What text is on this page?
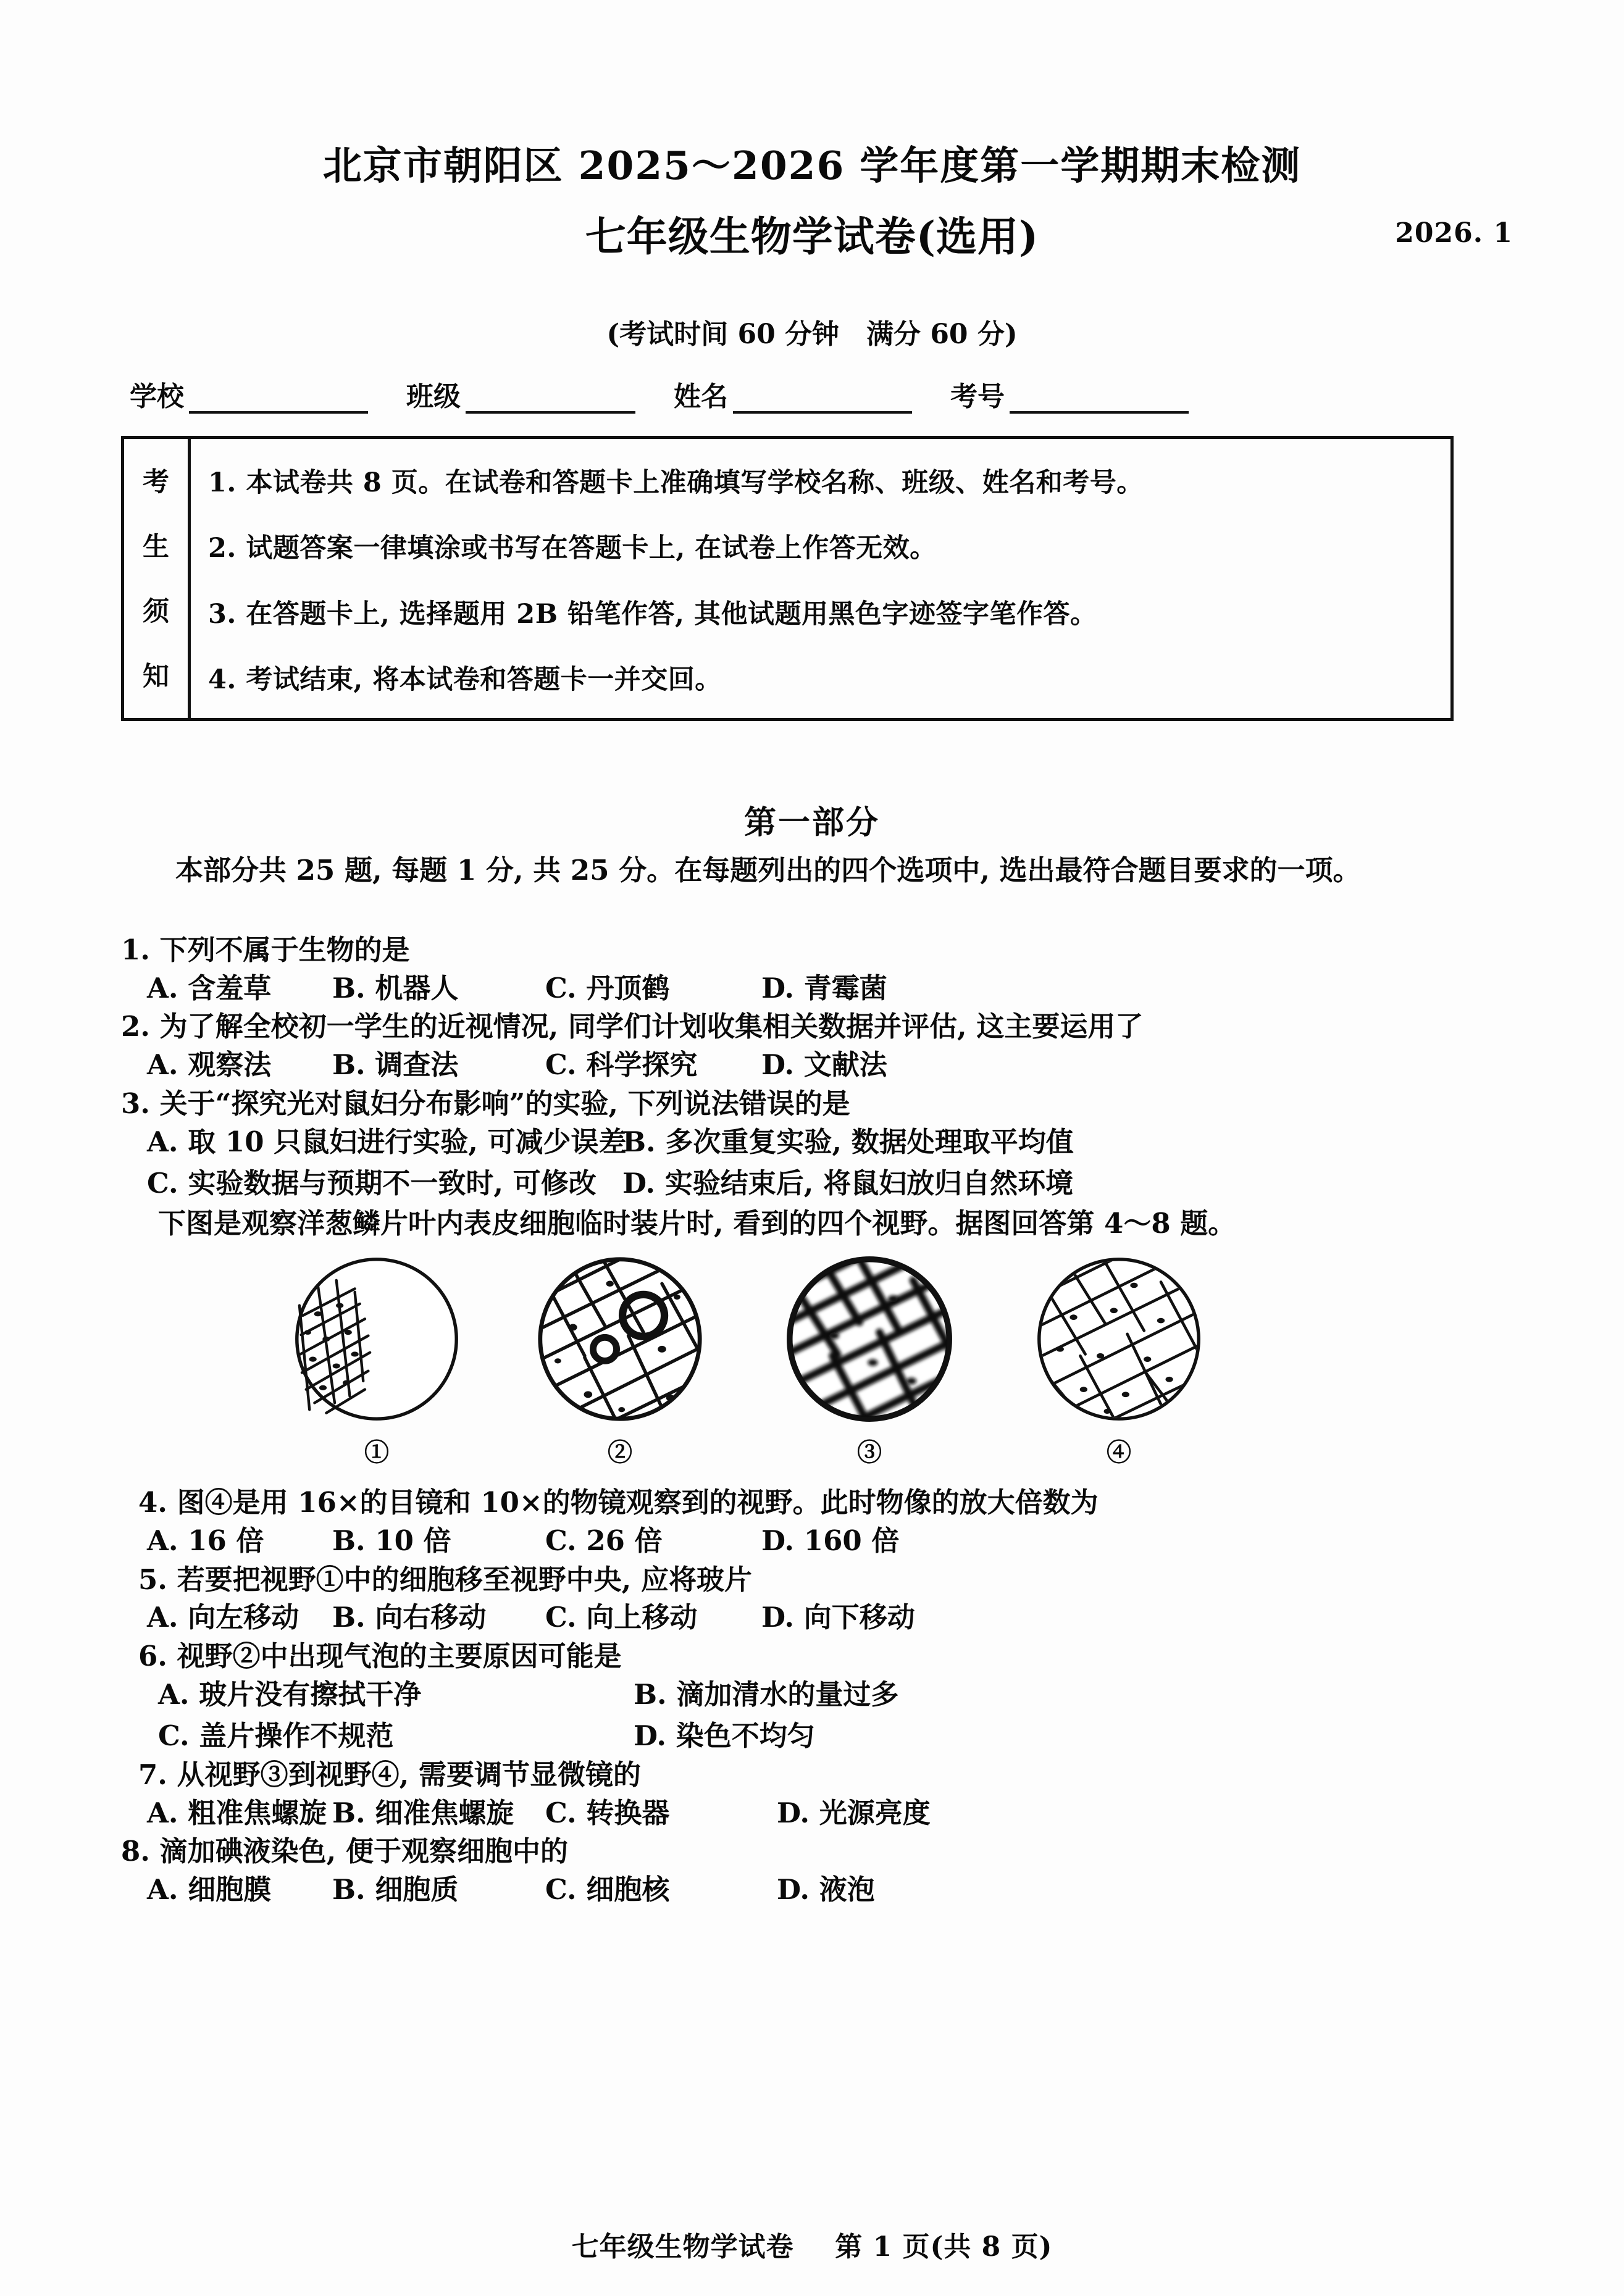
北京市朝阳区 2025～2026 学年度第一学期期末检测
七年级生物学试卷(选用)	2026. 1
(考试时间 60 分钟　满分 60 分)
学校	班级	姓名	考号
考
生
须
知
1. 本试卷共 8 页。在试卷和答题卡上准确填写学校名称、班级、姓名和考号。
2. 试题答案一律填涂或书写在答题卡上, 在试卷上作答无效。
3. 在答题卡上, 选择题用 2B 铅笔作答, 其他试题用黑色字迹签字笔作答。
4. 考试结束, 将本试卷和答题卡一并交回。
第一部分
本部分共 25 题, 每题 1 分, 共 25 分。在每题列出的四个选项中, 选出最符合题目要求的一项。
1. 下列不属于生物的是
A. 含羞草	B. 机器人	C. 丹顶鹤	D. 青霉菌
2. 为了解全校初一学生的近视情况, 同学们计划收集相关数据并评估, 这主要运用了
A. 观察法	B. 调查法	C. 科学探究	D. 文献法
3. 关于“探究光对鼠妇分布影响”的实验, 下列说法错误的是
A. 取 10 只鼠妇进行实验, 可减少误差
B. 多次重复实验, 数据处理取平均值
C. 实验数据与预期不一致时, 可修改 D. 实验结束后, 将鼠妇放归自然环境
下图是观察洋葱鳞片叶内表皮细胞临时装片时, 看到的四个视野。据图回答第 4～8 题。
①	②	③	④
4. 图④是用 16×的目镜和 10×的物镜观察到的视野。此时物像的放大倍数为
A. 16 倍	B. 10 倍	C. 26 倍	D. 160 倍
5. 若要把视野①中的细胞移至视野中央, 应将玻片
A. 向左移动	B. 向右移动	C. 向上移动	D. 向下移动
6. 视野②中出现气泡的主要原因可能是
A. 玻片没有擦拭干净	B. 滴加清水的量过多
C. 盖片操作不规范	D. 染色不均匀
7. 从视野③到视野④, 需要调节显微镜的
A. 粗准焦螺旋 B. 细准焦螺旋	C. 转换器	D. 光源亮度
8. 滴加碘液染色, 便于观察细胞中的
A. 细胞膜	B. 细胞质	C. 细胞核	D. 液泡
七年级生物学试卷 第 1 页(共 8 页)
